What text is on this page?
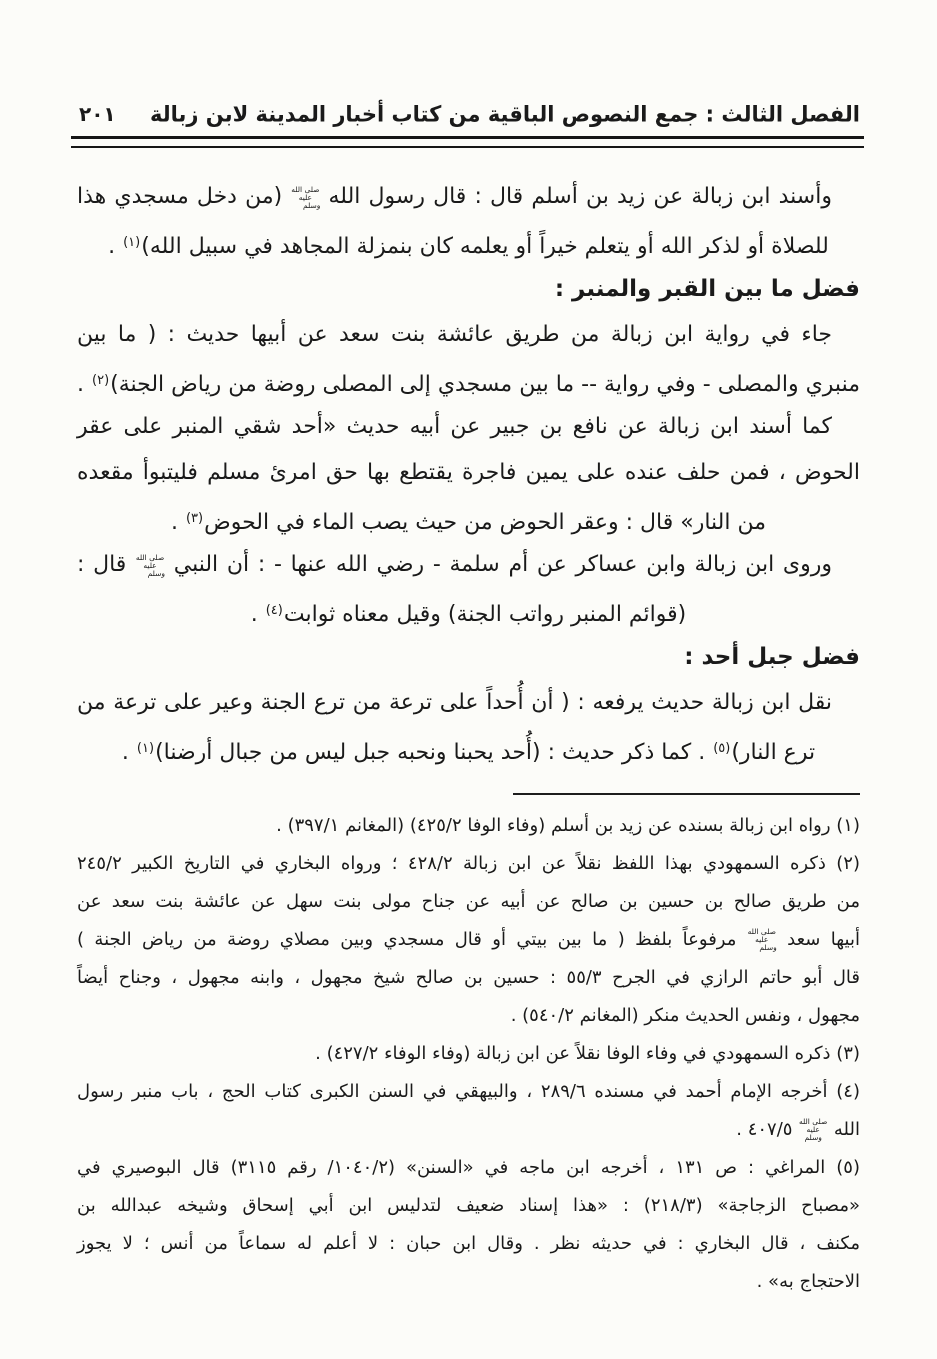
الفصل الثالث : جمع النصوص الباقية من كتاب أخبار المدينة لابن زبالة
٢٠١
وأسند ابن زبالة عن زيد بن أسلم قال : قال رسول الله صلى الله عليه وسلم (من دخل مسجدي هذا
للصلاة أو لذكر الله أو يتعلم خيراً أو يعلمه كان بنمزلة المجاهد في سبيل الله)$^{(١)}$ .
فضل ما بين القبر والمنبر :
جاء في رواية ابن زبالة من طريق عائشة بنت سعد عن أبيها حديث : ( ما بين
منبري والمصلى - وفي رواية -- ما بين مسجدي إلى المصلى روضة من رياض الجنة)$^{(٢)}$ .
كما أسند ابن زبالة عن نافع بن جبير عن أبيه حديث «أحد شقي المنبر على عقر
الحوض ، فمن حلف عنده على يمين فاجرة يقتطع بها حق امرئ مسلم فليتبوأ مقعده
من النار» قال : وعقر الحوض من حيث يصب الماء في الحوض$^{(٣)}$ .
وروى ابن زبالة وابن عساكر عن أم سلمة - رضي الله عنها - : أن النبي صلى الله عليه وسلم قال :
(قوائم المنبر رواتب الجنة) وقيل معناه ثوابت$^{(٤)}$ .
فضل جبل أحد :
نقل ابن زبالة حديث يرفعه : ( أن أُحداً على ترعة من ترع الجنة وعير على ترعة من
ترع النار)$^{(٥)}$ . كما ذكر حديث : (أُحد يحبنا ونحبه جبل ليس من جبال أرضنا)$^{(١)}$ .
(١) رواه ابن زبالة بسنده عن زيد بن أسلم (وفاء الوفا ٤٢٥/٢) (المغانم ٣٩٧/١) .
(٢) ذكره السمهودي بهذا اللفظ نقلاً عن ابن زبالة ٤٢٨/٢ ؛ ورواه البخاري في التاريخ الكبير ٢٤٥/٢
من طريق صالح بن حسين بن صالح عن أبيه عن جناح مولى بنت سهل عن عائشة بنت سعد عن
أبيها سعد صلى الله عليه وسلم مرفوعاً بلفظ ( ما بين بيتي أو قال مسجدي وبين مصلاي روضة من رياض الجنة )
قال أبو حاتم الرازي في الجرح ٥٥/٣ : حسين بن صالح شيخ مجهول ، وابنه مجهول ، وجناح أيضاً
مجهول ، ونفس الحديث منكر (المغانم ٥٤٠/٢) .
(٣) ذكره السمهودي في وفاء الوفا نقلاً عن ابن زبالة (وفاء الوفاء ٤٢٧/٢) .
(٤) أخرجه الإمام أحمد في مسنده ٢٨٩/٦ ، والبيهقي في السنن الكبرى كتاب الحج ، باب منبر رسول
الله صلى الله عليه وسلم ٤٠٧/٥ .
(٥) المراغي : ص ١٣١ ، أخرجه ابن ماجه في «السنن» (١٠٤٠/٢/ رقم ٣١١٥) قال البوصيري في
«مصباح الزجاجة» (٢١٨/٣) : «هذا إسناد ضعيف لتدليس ابن أبي إسحاق وشيخه عبدالله بن
مكنف ، قال البخاري : في حديثه نظر . وقال ابن حبان : لا أعلم له سماعاً من أنس ؛ لا يجوز
الاحتجاج به» .
